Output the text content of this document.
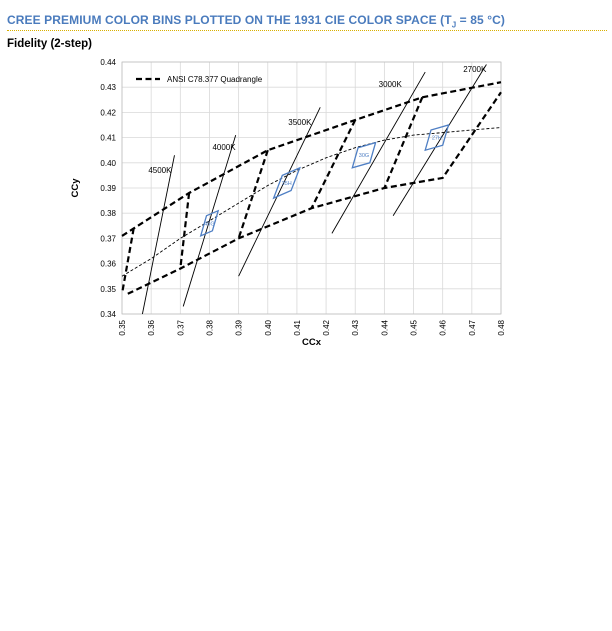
CREE PREMIUM COLOR BINS PLOTTED ON THE 1931 CIE COLOR SPACE ($T_J = 85$ °C)
Fidelity (2-step)
4500K
4000K
3500K
3000K
2700K
45G
35H
30G
27H
0.35	0.36	0.37	0.38	0.39	0.40	0.41	0.42	0.43	0.44	0.45	0.46	0.47	0.48
0.34
0.35
0.36
0.37
0.38
0.39
0.40
0.41
0.42
0.43
0.44
CCx
CCy
ANSI C78.377 Quadrangle
